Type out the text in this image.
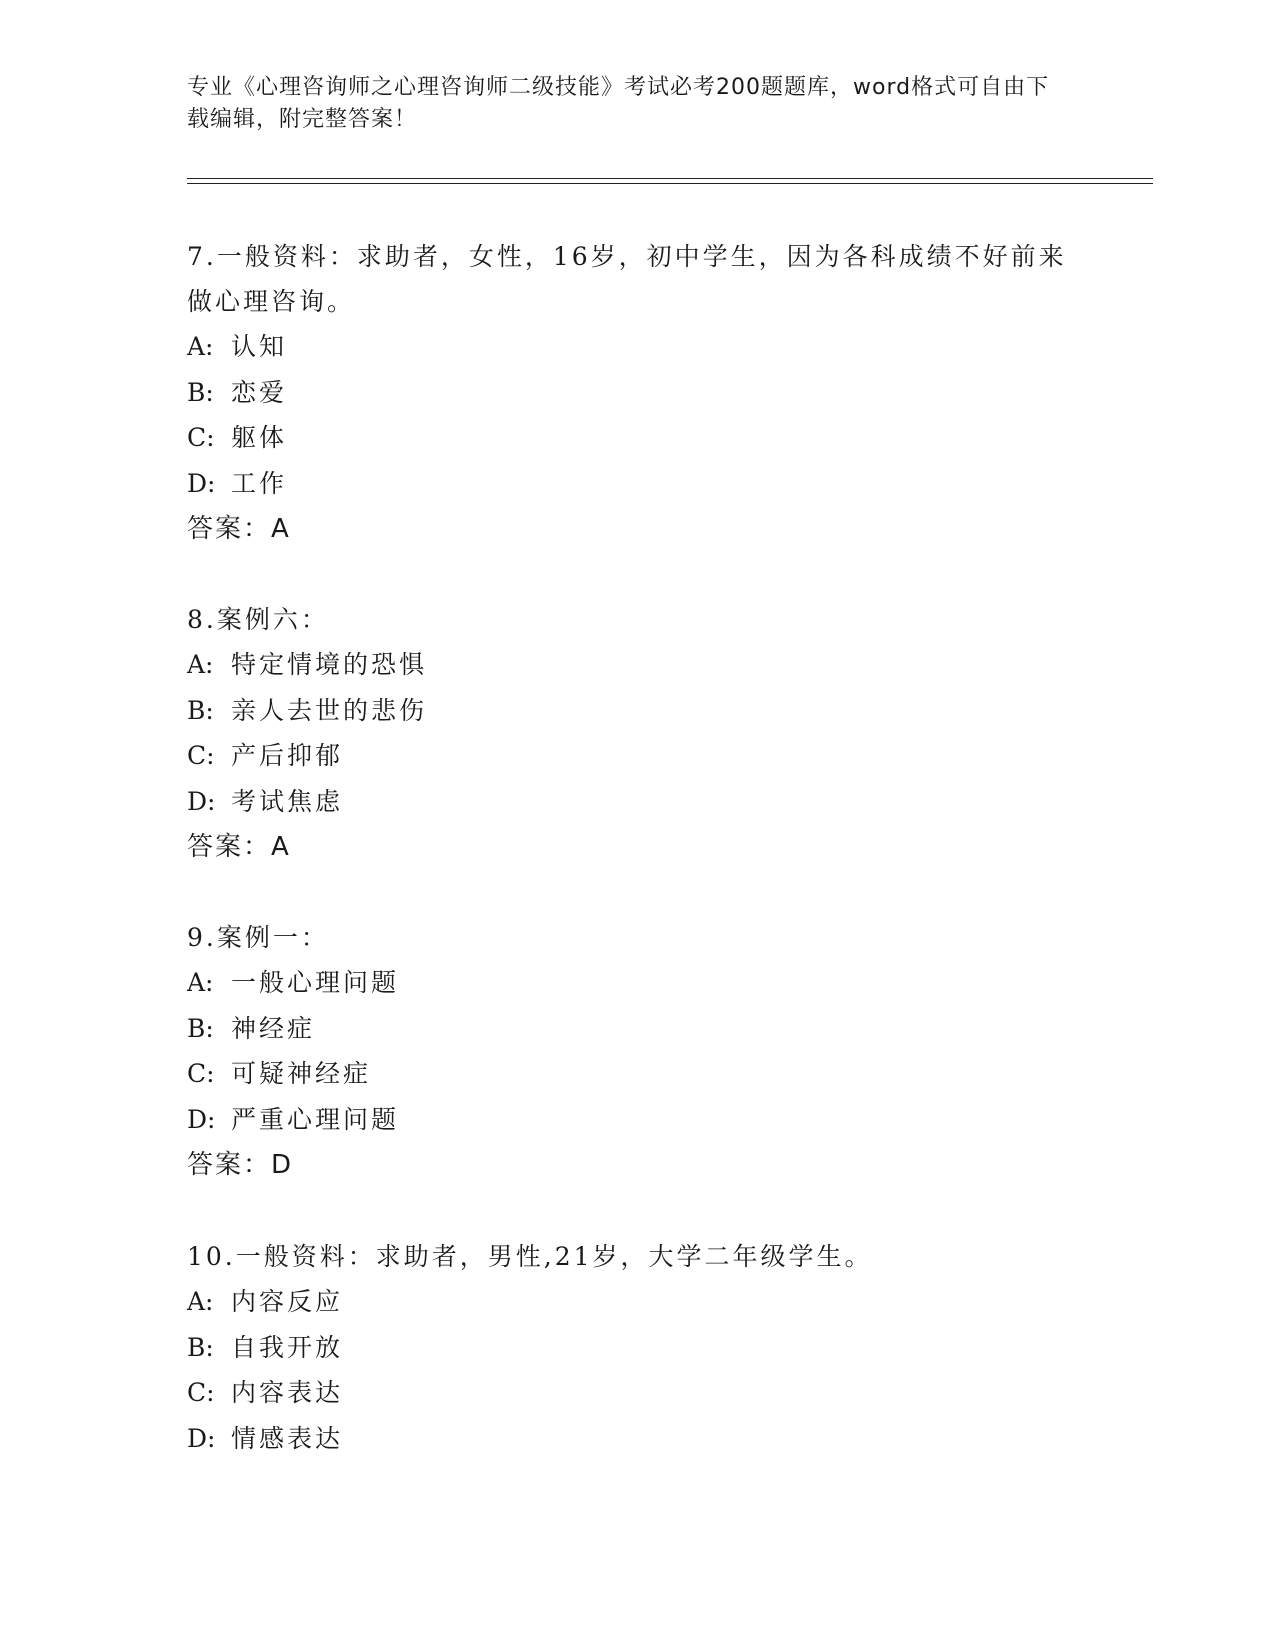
专业《心理咨询师之心理咨询师二级技能》考试必考200题题库，word格式可自由下载编辑，附完整答案！

7.一般资料：求助者，女性，16岁，初中学生，因为各科成绩不好前来做心理咨询。

A: 认知

B: 恋爱

C: 躯体

D: 工作

答案：A

8.案例六：

A: 特定情境的恐惧

B: 亲人去世的悲伤

C: 产后抑郁

D: 考试焦虑

答案：A

9.案例一：

A: 一般心理问题

B: 神经症

C: 可疑神经症

D: 严重心理问题

答案：D

10.一般资料：求助者，男性,21岁，大学二年级学生。

A: 内容反应

B: 自我开放

C: 内容表达

D: 情感表达
